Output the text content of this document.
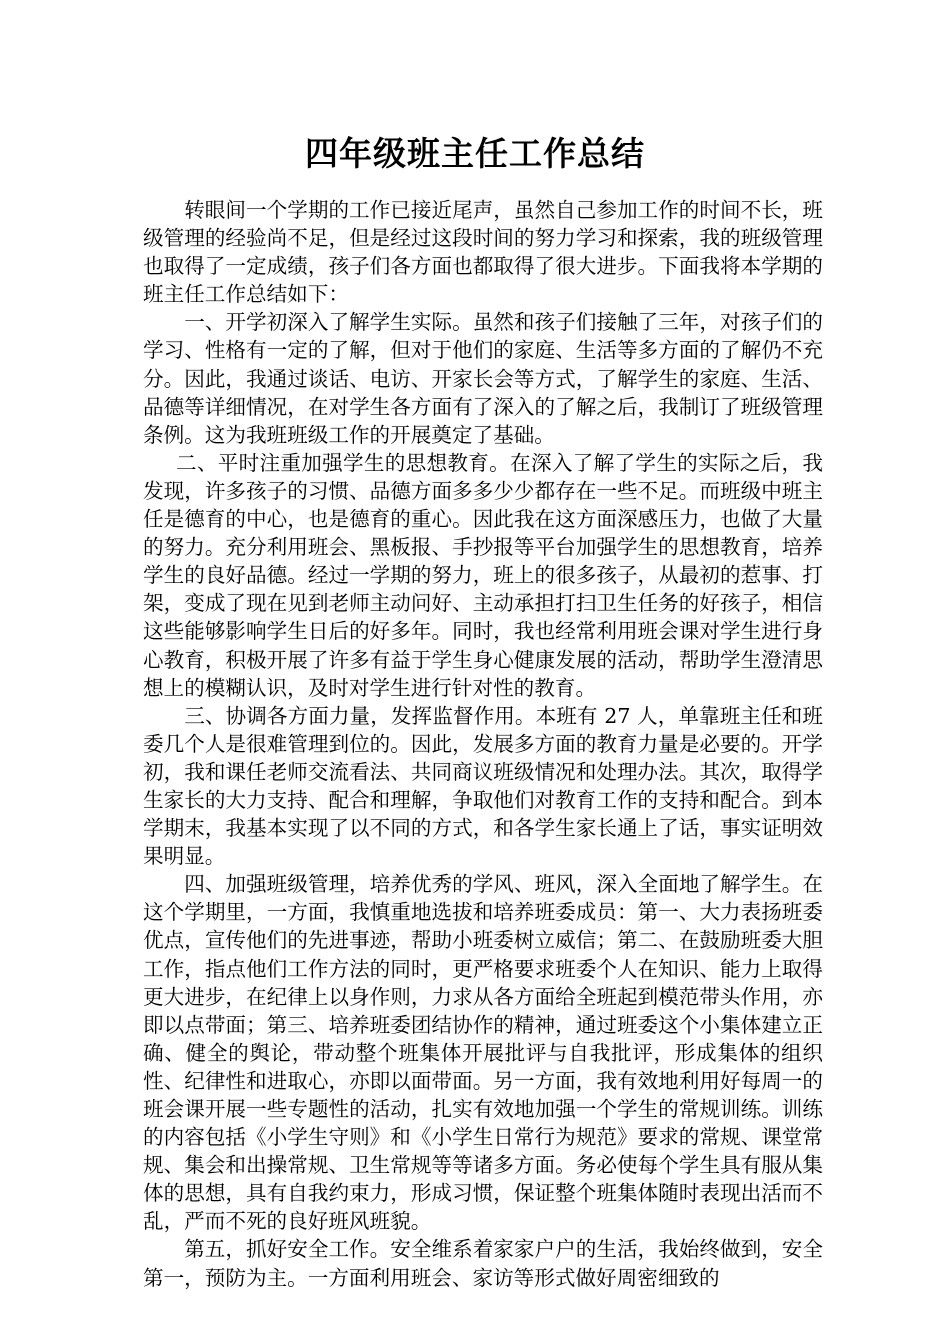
四年级班主任工作总结

转眼间一个学期的工作已接近尾声，虽然自己参加工作的时间不长，班级管理的经验尚不足，但是经过这段时间的努力学习和探索，我的班级管理也取得了一定成绩，孩子们各方面也都取得了很大进步。下面我将本学期的班主任工作总结如下：

一、开学初深入了解学生实际。虽然和孩子们接触了三年，对孩子们的学习、性格有一定的了解，但对于他们的家庭、生活等多方面的了解仍不充分。因此，我通过谈话、电访、开家长会等方式，了解学生的家庭、生活、品德等详细情况，在对学生各方面有了深入的了解之后，我制订了班级管理条例。这为我班班级工作的开展奠定了基础。

二、平时注重加强学生的思想教育。在深入了解了学生的实际之后，我发现，许多孩子的习惯、品德方面多多少少都存在一些不足。而班级中班主任是德育的中心，也是德育的重心。因此我在这方面深感压力，也做了大量的努力。充分利用班会、黑板报、手抄报等平台加强学生的思想教育，培养学生的良好品德。经过一学期的努力，班上的很多孩子，从最初的惹事、打架，变成了现在见到老师主动问好、主动承担打扫卫生任务的好孩子，相信这些能够影响学生日后的好多年。同时，我也经常利用班会课对学生进行身心教育，积极开展了许多有益于学生身心健康发展的活动，帮助学生澄清思想上的模糊认识，及时对学生进行针对性的教育。

三、协调各方面力量，发挥监督作用。本班有 27 人，单靠班主任和班委几个人是很难管理到位的。因此，发展多方面的教育力量是必要的。开学初，我和课任老师交流看法、共同商议班级情况和处理办法。其次，取得学生家长的大力支持、配合和理解，争取他们对教育工作的支持和配合。到本学期末，我基本实现了以不同的方式，和各学生家长通上了话，事实证明效果明显。

四、加强班级管理，培养优秀的学风、班风，深入全面地了解学生。在这个学期里，一方面，我慎重地选拔和培养班委成员：第一、大力表扬班委优点，宣传他们的先进事迹，帮助小班委树立威信；第二、在鼓励班委大胆工作，指点他们工作方法的同时，更严格要求班委个人在知识、能力上取得更大进步，在纪律上以身作则，力求从各方面给全班起到模范带头作用，亦即以点带面；第三、培养班委团结协作的精神，通过班委这个小集体建立正确、健全的舆论，带动整个班集体开展批评与自我批评，形成集体的组织性、纪律性和进取心，亦即以面带面。另一方面，我有效地利用好每周一的班会课开展一些专题性的活动，扎实有效地加强一个学生的常规训练。训练的内容包括《小学生守则》和《小学生日常行为规范》要求的常规、课堂常规、集会和出操常规、卫生常规等等诸多方面。务必使每个学生具有服从集体的思想，具有自我约束力，形成习惯，保证整个班集体随时表现出活而不乱，严而不死的良好班风班貌。

第五，抓好安全工作。安全维系着家家户户的生活，我始终做到，安全第一，预防为主。一方面利用班会、家访等形式做好周密细致的
